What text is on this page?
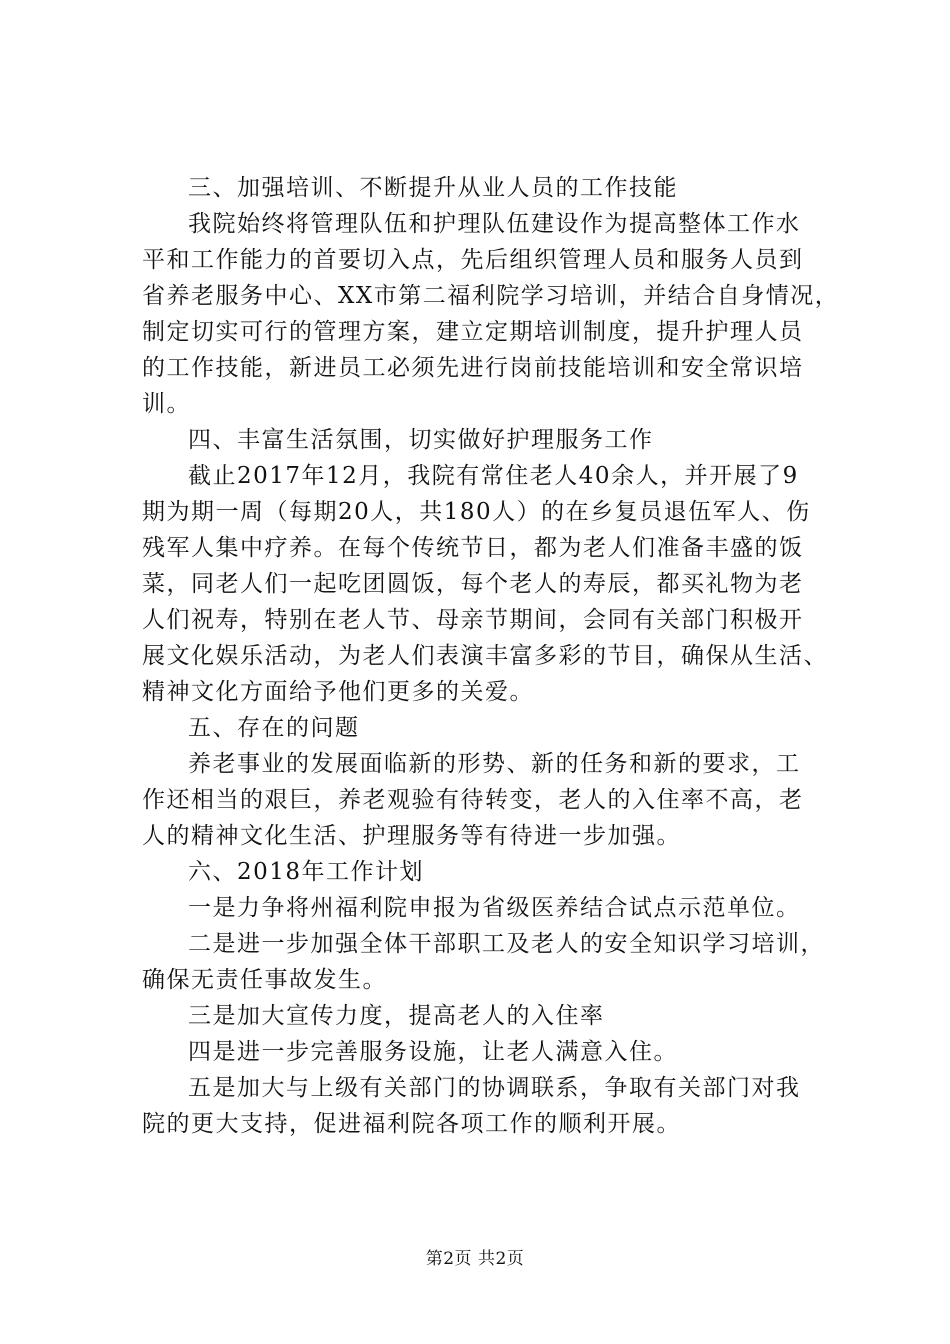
三、加强培训、不断提升从业人员的工作技能
我院始终将管理队伍和护理队伍建设作为提高整体工作水
平和工作能力的首要切入点，先后组织管理人员和服务人员到
省养老服务中心、XX市第二福利院学习培训，并结合自身情况，
制定切实可行的管理方案，建立定期培训制度，提升护理人员
的工作技能，新进员工必须先进行岗前技能培训和安全常识培
训。
四、丰富生活氛围，切实做好护理服务工作
截止2017年12月，我院有常住老人40余人，并开展了9
期为期一周（每期20人，共180人）的在乡复员退伍军人、伤
残军人集中疗养。在每个传统节日，都为老人们准备丰盛的饭
菜，同老人们一起吃团圆饭，每个老人的寿辰，都买礼物为老
人们祝寿，特别在老人节、母亲节期间，会同有关部门积极开
展文化娱乐活动，为老人们表演丰富多彩的节目，确保从生活、
精神文化方面给予他们更多的关爱。
五、存在的问题
养老事业的发展面临新的形势、新的任务和新的要求，工
作还相当的艰巨，养老观验有待转变，老人的入住率不高，老
人的精神文化生活、护理服务等有待进一步加强。
六、2018年工作计划
一是力争将州福利院申报为省级医养结合试点示范单位。
二是进一步加强全体干部职工及老人的安全知识学习培训，
确保无责任事故发生。
三是加大宣传力度，提高老人的入住率
四是进一步完善服务设施，让老人满意入住。
五是加大与上级有关部门的协调联系，争取有关部门对我
院的更大支持，促进福利院各项工作的顺利开展。
第2页 共2页
